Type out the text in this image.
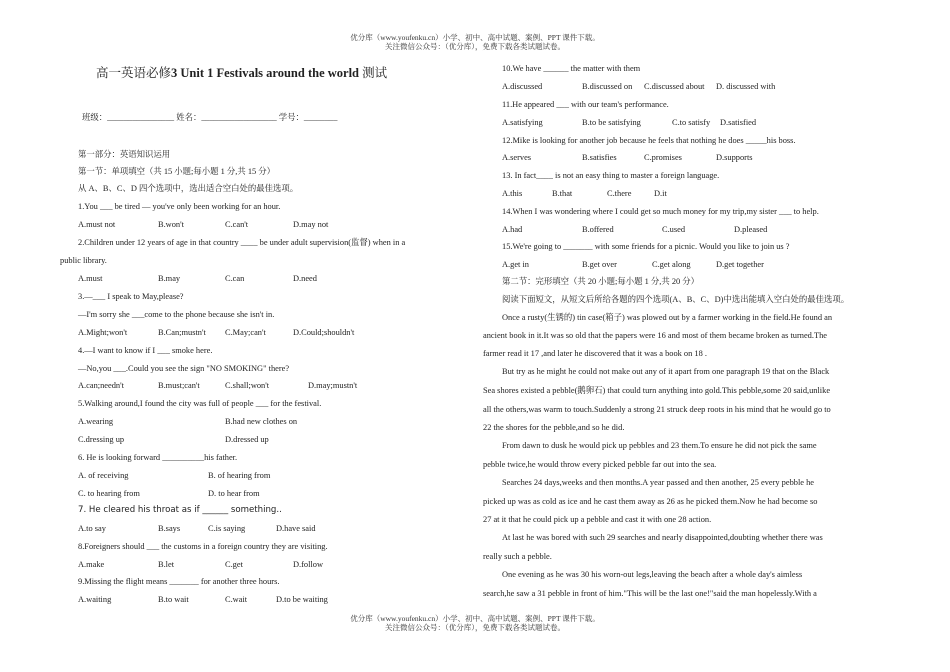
优分库（www.youfenku.cn）小学、初中、高中试题、案例、PPT 课件下载。
关注微信公众号：（优分库），免费下载各类试题试卷。
高一英语必修3 Unit 1 Festivals around the world 测试
班级：________________ 姓名：__________________ 学号：________
第一部分：英语知识运用
第一节：单项填空（共 15 小题;每小题 1 分,共 15 分）
从 A、B、C、D 四个选项中，选出适合空白处的最佳选项。
1.You ___ be tired — you've only been working for an hour.
A.must not	B.won't	C.can't	D.may not
2.Children under 12 years of age in that country ____ be under adult supervision(监督) when in a
public library.
A.must	B.may	C.can	D.need
3.—___ I speak to May,please?
—I'm sorry she ___come to the phone because she isn't in.
A.Might;won't	B.Can;mustn't C.May;can't	D.Could;shouldn't
4.—I want to know if I ___ smoke here.
—No,you ___.Could you see the sign "NO SMOKING" there?
A.can;needn't	B.must;can't	C.shall;won't	D.may;mustn't
5.Walking around,I found the city was full of people ___ for the festival.
A.wearing	B.had new clothes on
C.dressing up	D.dressed up
6. He is looking forward __________his father.
A. of receiving	B. of hearing from
C. to hearing from	D. to hear from
7. He cleared his throat as if ______ something..
A.to say	B.says	C.is saying	D.have said
8.Foreigners should ___ the customs in a foreign country they are visiting.
A.make	B.let	C.get	D.follow
9.Missing the flight means _______ for another three hours.
A.waiting	B.to wait	C.wait	D.to be waiting
10.We have ______ the matter with them
A.discussed	B.discussed on C.discussed about D. discussed with
11.He appeared ___ with our team's performance.
A.satisfying	B.to be satisfying	C.to satisfy D.satisfied
12.Mike is looking for another job because he feels that nothing he does _____his boss.
A.serves	B.satisfies	C.promises	D.supports
13. In fact____ is not an easy thing to master a foreign language.
A.this	B.that	C.there	D.it
14.When I was wondering where I could get so much money for my trip,my sister ___ to help.
A.had	B.offered	C.used	D.pleased
15.We're going to _______ with some friends for a picnic. Would you like to join us ?
A.get in	B.get over	C.get along	D.get together
第二节：完形填空（共 20 小题;每小题 1 分,共 20 分）
阅读下面短文，从短文后所给各题的四个选项(A、B、C、D)中选出能填入空白处的最佳选项。
Once a rusty(生锈的) tin case(箱子) was plowed out by a farmer working in the field.He found an
ancient book in it.It was so old that the papers were 16 and most of them became broken as turned.The
farmer read it 17 ,and later he discovered that it was a book on 18 .
But try as he might he could not make out any of it apart from one paragraph 19 that on the Black
Sea shores existed a pebble(鹅卵石) that could turn anything into gold.This pebble,some 20 said,unlike
all the others,was warm to touch.Suddenly a strong 21 struck deep roots in his mind that he would go to
22 the shores for the pebble,and so he did.
From dawn to dusk he would pick up pebbles and 23 them.To ensure he did not pick the same
pebble twice,he would throw every picked pebble far out into the sea.
Searches 24 days,weeks and then months.A year passed and then another, 25 every pebble he
picked up was as cold as ice and he cast them away as 26 as he picked them.Now he had become so
27 at it that he could pick up a pebble and cast it with one 28 action.
At last he was bored with such 29 searches and nearly disappointed,doubting whether there was
really such a pebble.
One evening as he was 30 his worn-out legs,leaving the beach after a whole day's aimless
search,he saw a 31 pebble in front of him."This will be the last one!"said the man hopelessly.With a
优分库（www.youfenku.cn）小学、初中、高中试题、案例、PPT 课件下载。
关注微信公众号：（优分库），免费下载各类试题试卷。
